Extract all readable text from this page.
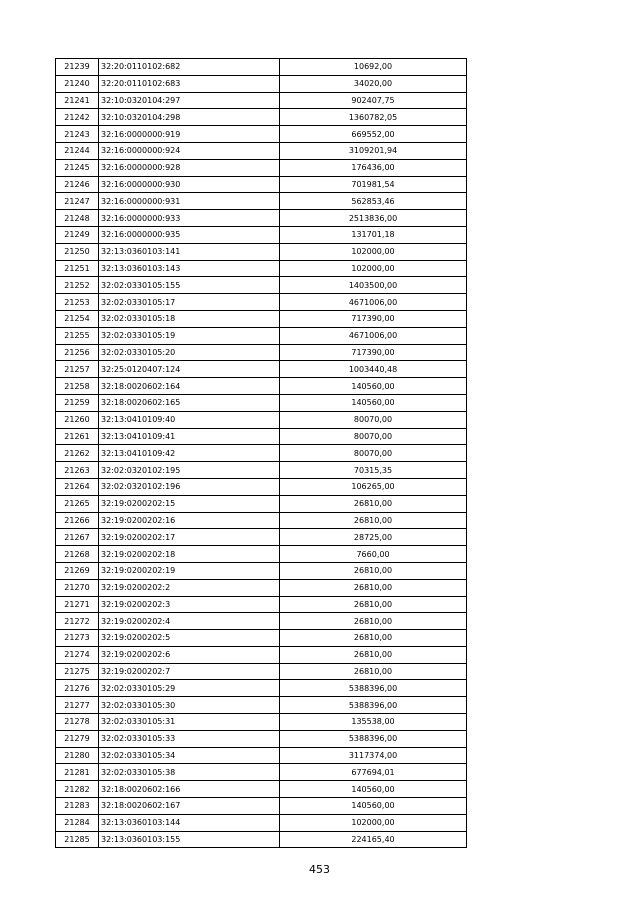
21239	32:20:0110102:682	10692,00
21240	32:20:0110102:683	34020,00
21241	32:10:0320104:297	902407,75
21242	32:10:0320104:298	1360782,05
21243	32:16:0000000:919	669552,00
21244	32:16:0000000:924	3109201,94
21245	32:16:0000000:928	176436,00
21246	32:16:0000000:930	701981,54
21247	32:16:0000000:931	562853,46
21248	32:16:0000000:933	2513836,00
21249	32:16:0000000:935	131701,18
21250	32:13:0360103:141	102000,00
21251	32:13:0360103:143	102000,00
21252	32:02:0330105:155	1403500,00
21253	32:02:0330105:17	4671006,00
21254	32:02:0330105:18	717390,00
21255	32:02:0330105:19	4671006,00
21256	32:02:0330105:20	717390,00
21257	32:25:0120407:124	1003440,48
21258	32:18:0020602:164	140560,00
21259	32:18:0020602:165	140560,00
21260	32:13:0410109:40	80070,00
21261	32:13:0410109:41	80070,00
21262	32:13:0410109:42	80070,00
21263	32:02:0320102:195	70315,35
21264	32:02:0320102:196	106265,00
21265	32:19:0200202:15	26810,00
21266	32:19:0200202:16	26810,00
21267	32:19:0200202:17	28725,00
21268	32:19:0200202:18	7660,00
21269	32:19:0200202:19	26810,00
21270	32:19:0200202:2	26810,00
21271	32:19:0200202:3	26810,00
21272	32:19:0200202:4	26810,00
21273	32:19:0200202:5	26810,00
21274	32:19:0200202:6	26810,00
21275	32:19:0200202:7	26810,00
21276	32:02:0330105:29	5388396,00
21277	32:02:0330105:30	5388396,00
21278	32:02:0330105:31	135538,00
21279	32:02:0330105:33	5388396,00
21280	32:02:0330105:34	3117374,00
21281	32:02:0330105:38	677694,01
21282	32:18:0020602:166	140560,00
21283	32:18:0020602:167	140560,00
21284	32:13:0360103:144	102000,00
21285	32:13:0360103:155	224165,40
453
